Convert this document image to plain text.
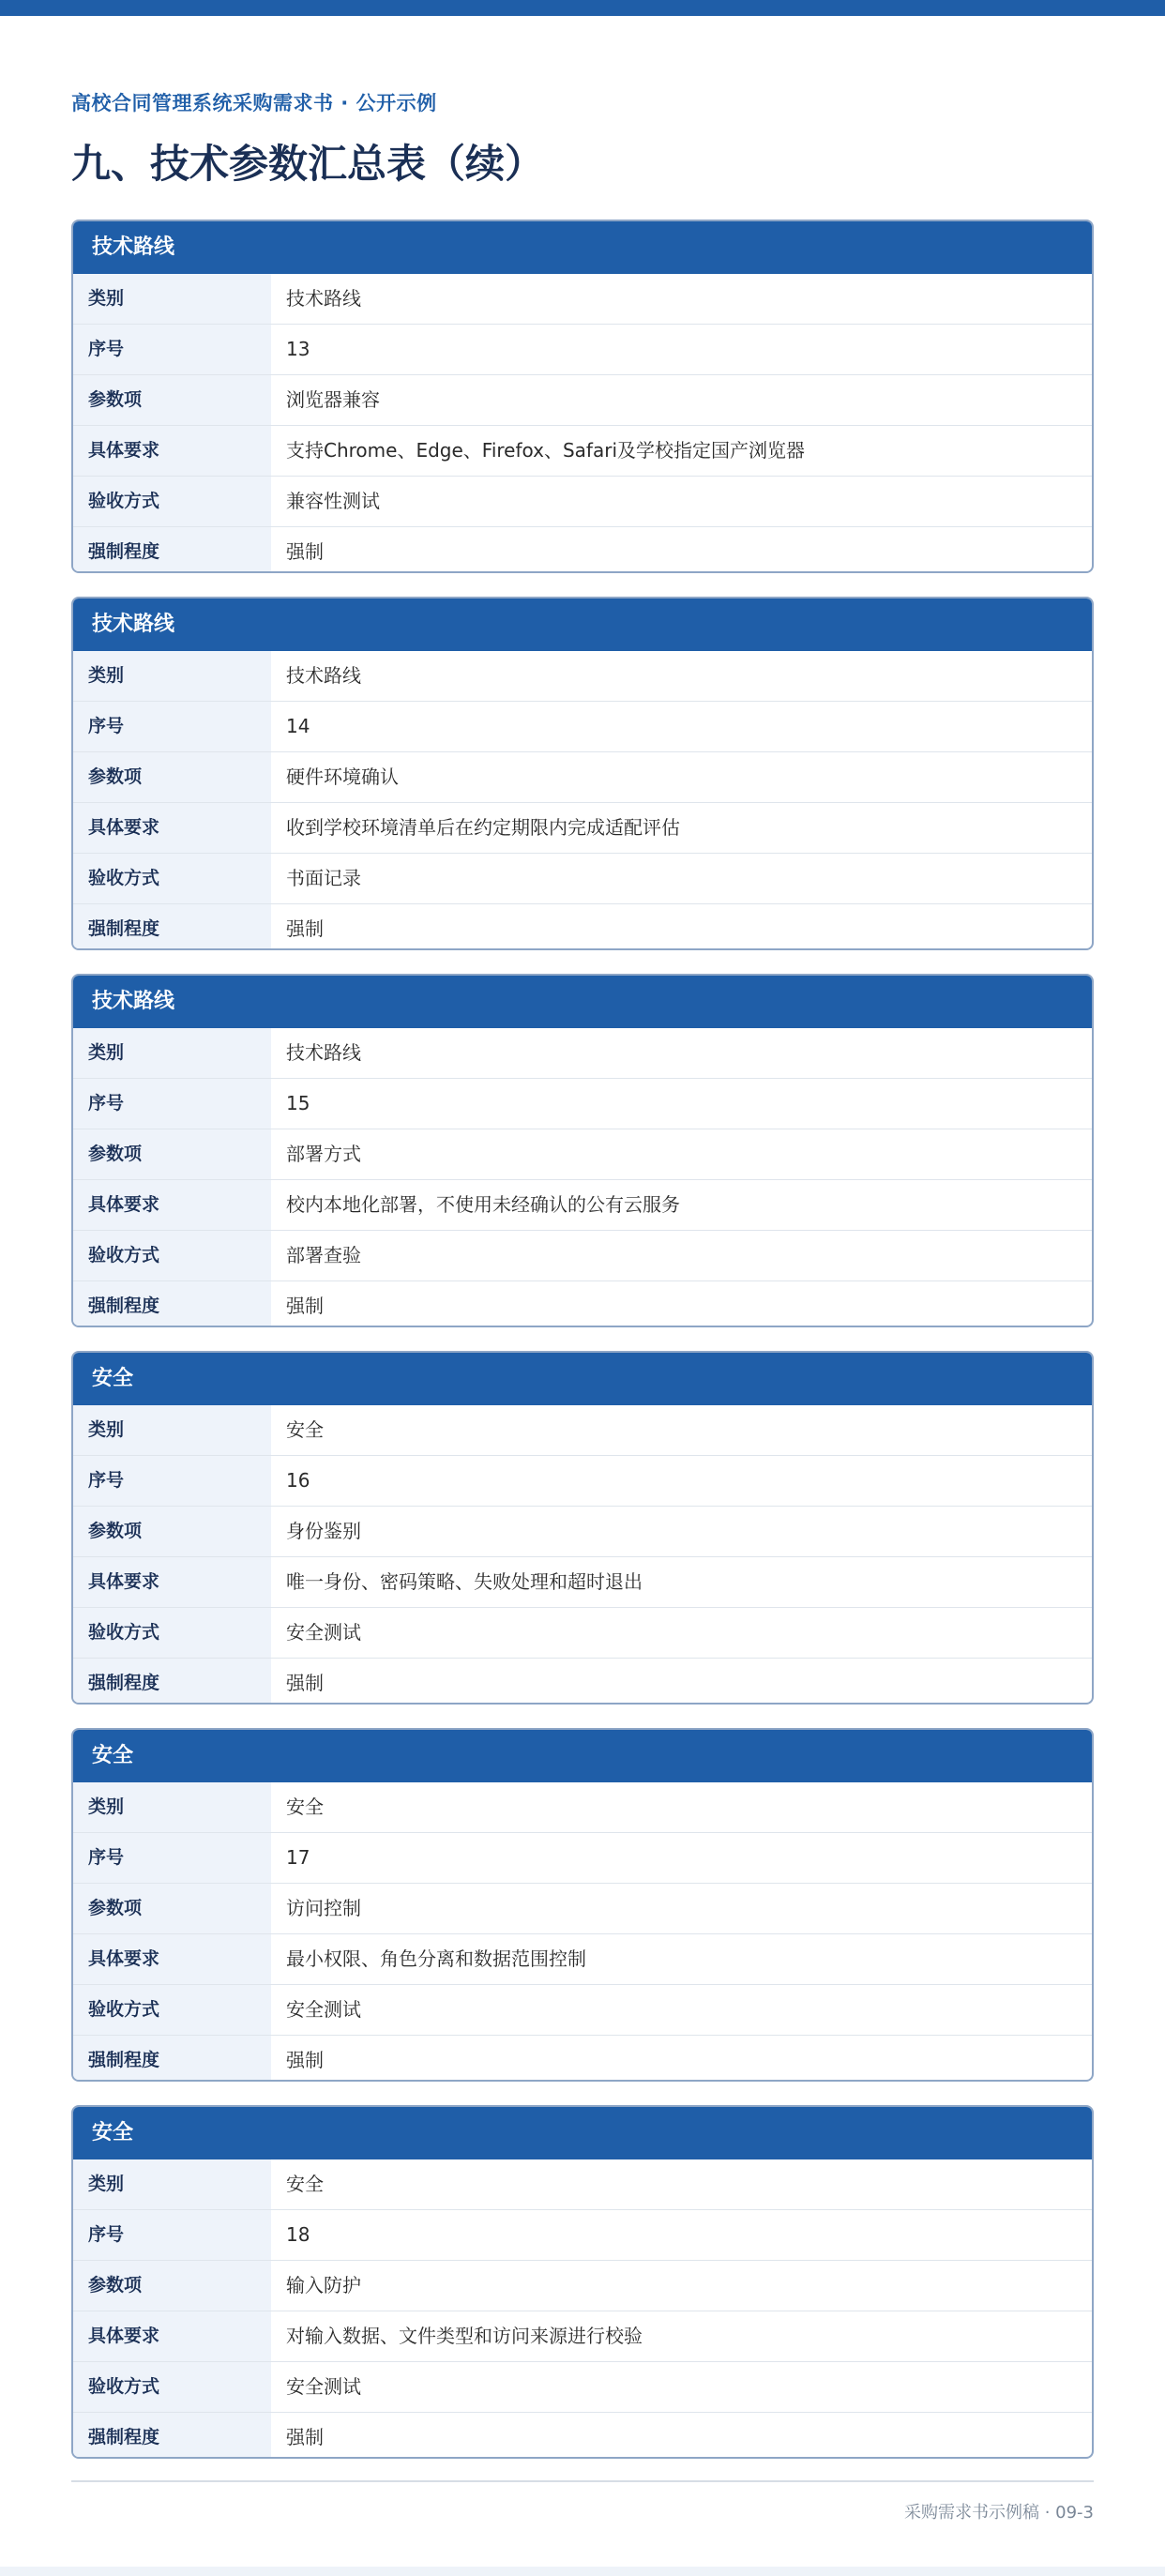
高校合同管理系统采购需求书 · 公开示例
九、技术参数汇总表（续）
技术路线
类别	技术路线
序号	13
参数项	浏览器兼容
具体要求	支持Chrome、Edge、Firefox、Safari及学校指定国产浏览器
验收方式	兼容性测试
强制程度	强制
技术路线
类别	技术路线
序号	14
参数项	硬件环境确认
具体要求	收到学校环境清单后在约定期限内完成适配评估
验收方式	书面记录
强制程度	强制
技术路线
类别	技术路线
序号	15
参数项	部署方式
具体要求	校内本地化部署，不使用未经确认的公有云服务
验收方式	部署查验
强制程度	强制
安全
类别	安全
序号	16
参数项	身份鉴别
具体要求	唯一身份、密码策略、失败处理和超时退出
验收方式	安全测试
强制程度	强制
安全
类别	安全
序号	17
参数项	访问控制
具体要求	最小权限、角色分离和数据范围控制
验收方式	安全测试
强制程度	强制
安全
类别	安全
序号	18
参数项	输入防护
具体要求	对输入数据、文件类型和访问来源进行校验
验收方式	安全测试
强制程度	强制
采购需求书示例稿 · 09-3
